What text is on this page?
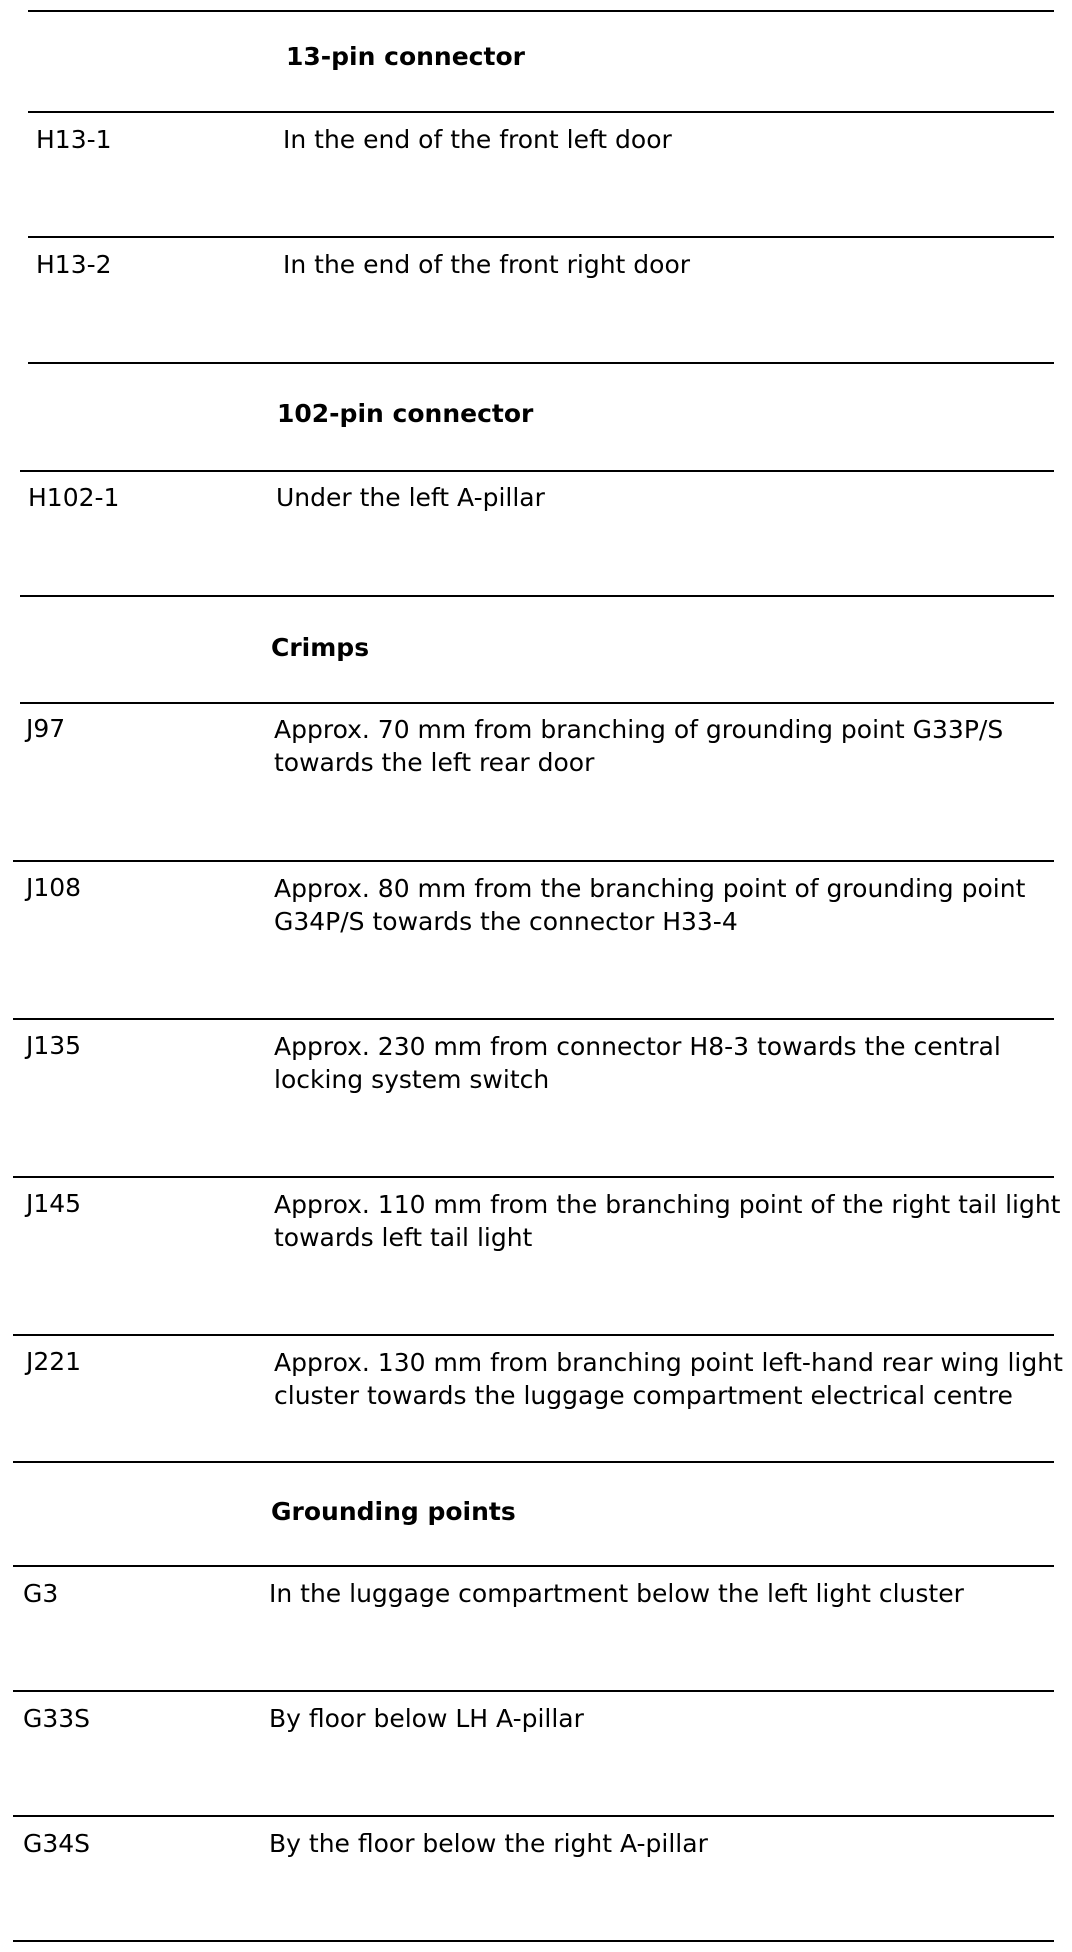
13-pin connector
H13-1	In the end of the front left door
H13-2	In the end of the front right door
102-pin connector
H102-1	Under the left A-pillar
Crimps
J97	Approx. 70 mm from branching of grounding point G33P/S towards the left rear door
J108	Approx. 80 mm from the branching point of grounding point G34P/S towards the connector H33-4
J135	Approx. 230 mm from connector H8-3 towards the central locking system switch
J145	Approx. 110 mm from the branching point of the right tail light towards left tail light
J221	Approx. 130 mm from branching point left-hand rear wing light cluster towards the luggage compartment electrical centre
Grounding points
G3	In the luggage compartment below the left light cluster
G33S	By floor below LH A-pillar
G34S	By the floor below the right A-pillar
